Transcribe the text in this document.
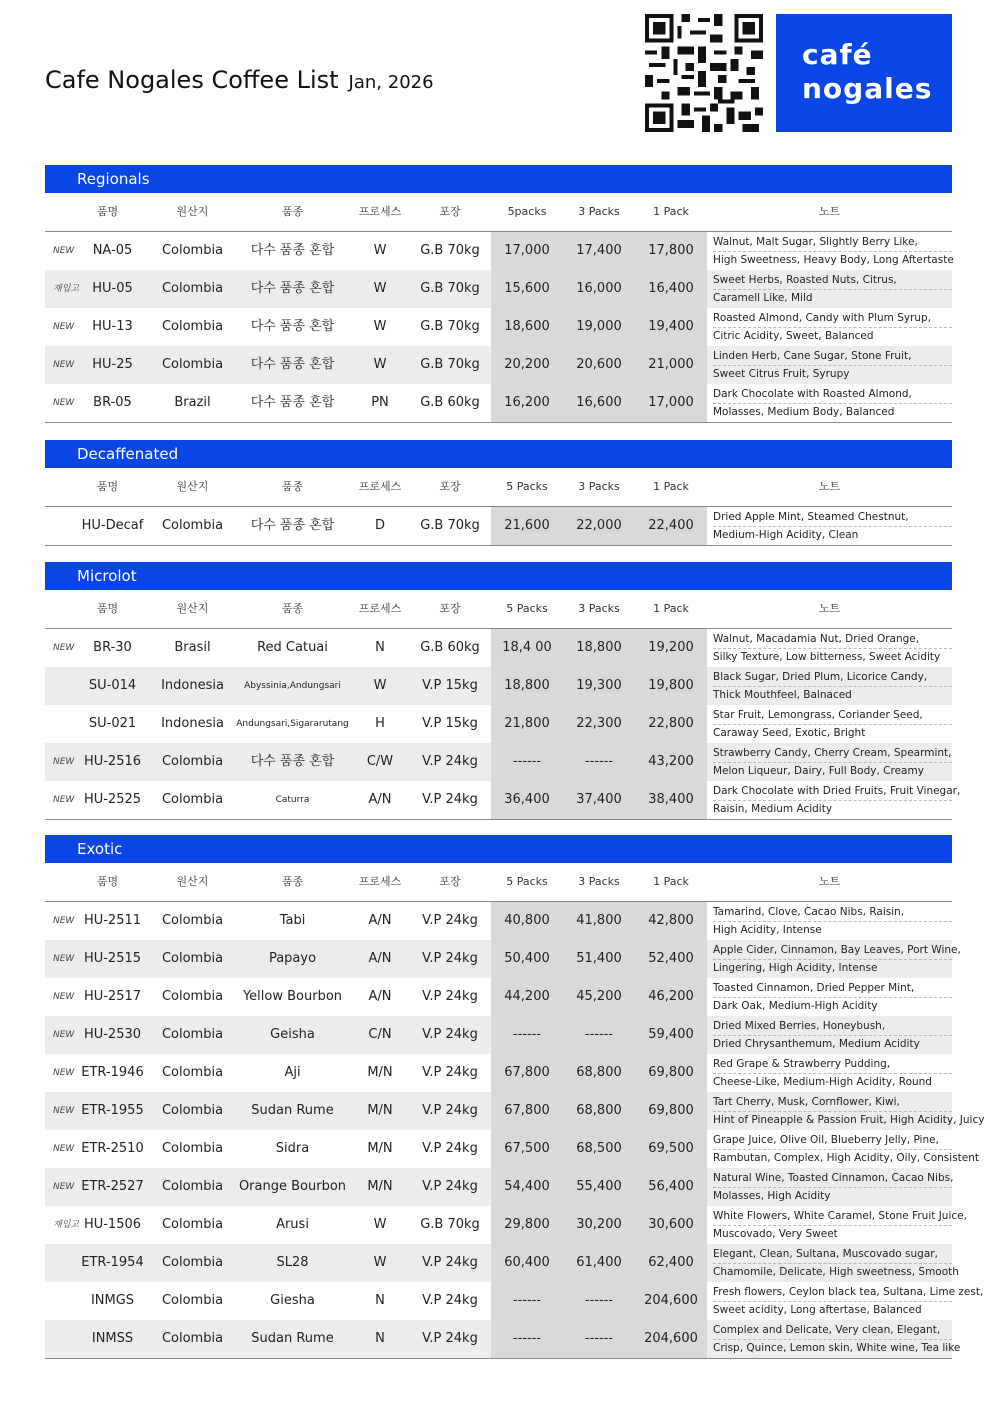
Cafe Nogales Coffee List Jan, 2026
café
nogales
Regionals
품명	원산지	품종	프로세스	포장	5packs	3 Packs	1 Pack	노트
NEW	NA-05	Colombia	다수 품종 혼합	W	G.B 70kg	17,000	17,400	17,800
Walnut, Malt Sugar, Slightly Berry Like,
High Sweetness, Heavy Body, Long Aftertaste
재입고	HU-05	Colombia	다수 품종 혼합	W	G.B 70kg	15,600	16,000	16,400
Sweet Herbs, Roasted Nuts, Citrus,
Caramell Like, Mild
NEW	HU-13	Colombia	다수 품종 혼합	W	G.B 70kg	18,600	19,000	19,400
Roasted Almond, Candy with Plum Syrup,
Citric Acidity, Sweet, Balanced
NEW	HU-25	Colombia	다수 품종 혼합	W	G.B 70kg	20,200	20,600	21,000
Linden Herb, Cane Sugar, Stone Fruit,
Sweet Citrus Fruit, Syrupy
NEW	BR-05	Brazil	다수 품종 혼합	PN	G.B 60kg	16,200	16,600	17,000
Dark Chocolate with Roasted Almond,
Molasses, Medium Body, Balanced
Decaffenated
품명	원산지	품종	프로세스	포장	5 Packs	3 Packs	1 Pack	노트
HU-Decaf	Colombia	다수 품종 혼합	D	G.B 70kg	21,600	22,000	22,400
Dried Apple Mint, Steamed Chestnut,
Medium-High Acidity, Clean
Microlot
품명	원산지	품종	프로세스	포장	5 Packs	3 Packs	1 Pack	노트
NEW	BR-30	Brasil	Red Catuai	N	G.B 60kg	18,4 00	18,800	19,200
Walnut, Macadamia Nut, Dried Orange,
Silky Texture, Low bitterness, Sweet Acidity
SU-014	Indonesia	Abyssinia,Andungsari	W	V.P 15kg	18,800	19,300	19,800
Black Sugar, Dried Plum, Licorice Candy,
Thick Mouthfeel, Balnaced
SU-021	Indonesia	Andungsari,Sigararutang	H	V.P 15kg	21,800	22,300	22,800
Star Fruit, Lemongrass, Coriander Seed,
Caraway Seed, Exotic, Bright
NEW HU-2516	Colombia	다수 품종 혼합	C/W	V.P 24kg	------	------	43,200
Strawberry Candy, Cherry Cream, Spearmint,
Melon Liqueur, Dairy, Full Body, Creamy
NEW HU-2525	Colombia	Caturra	A/N	V.P 24kg	36,400	37,400	38,400
Dark Chocolate with Dried Fruits, Fruit Vinegar,
Raisin, Medium Acidity
Exotic
품명	원산지	품종	프로세스	포장	5 Packs	3 Packs	1 Pack	노트
NEW HU-2511	Colombia	Tabi	A/N	V.P 24kg	40,800	41,800	42,800
Tamarind, Clove, Cacao Nibs, Raisin,
High Acidity, Intense
NEW HU-2515	Colombia	Papayo	A/N	V.P 24kg	50,400	51,400	52,400
Apple Cider, Cinnamon, Bay Leaves, Port Wine,
Lingering, High Acidity, Intense
NEW HU-2517	Colombia	Yellow Bourbon	A/N	V.P 24kg	44,200	45,200	46,200
Toasted Cinnamon, Dried Pepper Mint,
Dark Oak, Medium-High Acidity
NEW HU-2530	Colombia	Geisha	C/N	V.P 24kg	------	------	59,400
Dried Mixed Berries, Honeybush,
Dried Chrysanthemum, Medium Acidity
NEW ETR-1946	Colombia	Aji	M/N	V.P 24kg	67,800	68,800	69,800
Red Grape & Strawberry Pudding,
Cheese-Like, Medium-High Acidity, Round
NEW ETR-1955	Colombia	Sudan Rume	M/N	V.P 24kg	67,800	68,800	69,800
Tart Cherry, Musk, Cornflower, Kiwi,
Hint of Pineapple & Passion Fruit, High Acidity, Juicy
NEW ETR-2510	Colombia	Sidra	M/N	V.P 24kg	67,500	68,500	69,500
Grape Juice, Olive Oil, Blueberry Jelly, Pine,
Rambutan, Complex, High Acidity, Oily, Consistent
NEW ETR-2527	Colombia	Orange Bourbon	M/N	V.P 24kg	54,400	55,400	56,400
Natural Wine, Toasted Cinnamon, Cacao Nibs,
Molasses, High Acidity
재입고 HU-1506	Colombia	Arusi	W	G.B 70kg	29,800	30,200	30,600
White Flowers, White Caramel, Stone Fruit Juice,
Muscovado, Very Sweet
ETR-1954	Colombia	SL28	W	V.P 24kg	60,400	61,400	62,400
Elegant, Clean, Sultana, Muscovado sugar,
Chamomile, Delicate, High sweetness, Smooth
INMGS	Colombia	Giesha	N	V.P 24kg	------	------	204,600
Fresh flowers, Ceylon black tea, Sultana, Lime zest,
Sweet acidity, Long aftertase, Balanced
INMSS	Colombia	Sudan Rume	N	V.P 24kg	------	------	204,600
Complex and Delicate, Very clean, Elegant,
Crisp, Quince, Lemon skin, White wine, Tea like
